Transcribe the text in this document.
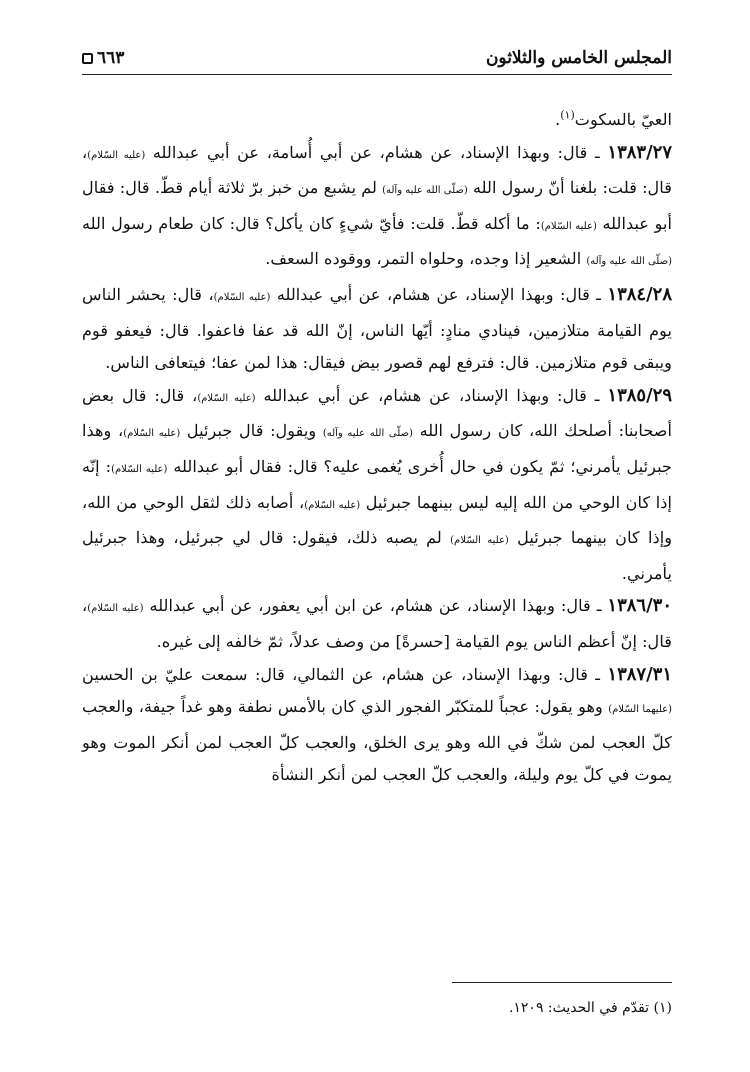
المجلس الخامس والثلاثون
٦٦٣

العيّ بالسكوت$^{(١)}$.

١٣٨٣/٢٧ ـ قال: وبهذا الإسناد، عن هشام، عن أبي أُسامة، عن أبي عبدالله (عليه السّلام)، قال: قلت: بلغنا أنّ رسول الله (صلّى الله عليه وآله) لم يشبع من خبز برّ ثلاثة أيام قطّ. قال: فقال أبو عبدالله (عليه السّلام): ما أكله قطّ. قلت: فأيّ شيءٍ كان يأكل؟ قال: كان طعام رسول الله (صلّى الله عليه وآله) الشعير إذا وجده، وحلواه التمر، ووقوده السعف.

١٣٨٤/٢٨ ـ قال: وبهذا الإسناد، عن هشام، عن أبي عبدالله (عليه السّلام)، قال: يحشر الناس يوم القيامة متلازمين، فينادي منادٍ: أيّها الناس، إنّ الله قد عفا فاعفوا. قال: فيعفو قوم ويبقى قوم متلازمين. قال: فترفع لهم قصور بيض فيقال: هذا لمن عفا؛ فيتعافى الناس.

١٣٨٥/٢٩ ـ قال: وبهذا الإسناد، عن هشام، عن أبي عبدالله (عليه السّلام)، قال: قال بعض أصحابنا: أصلحك الله، كان رسول الله (صلّى الله عليه وآله) ويقول: قال جبرئيل (عليه السّلام)، وهذا جبرئيل يأمرني؛ ثمّ يكون في حال أُخرى يُغمى عليه؟ قال: فقال أبو عبدالله (عليه السّلام): إنّه إذا كان الوحي من الله إليه ليس بينهما جبرئيل (عليه السّلام)، أصابه ذلك لثقل الوحي من الله، وإذا كان بينهما جبرئيل (عليه السّلام) لم يصبه ذلك، فيقول: قال لي جبرئيل، وهذا جبرئيل يأمرني.

١٣٨٦/٣٠ ـ قال: وبهذا الإسناد، عن هشام، عن ابن أبي يعفور، عن أبي عبدالله (عليه السّلام)، قال: إنّ أعظم الناس يوم القيامة [حسرةً] من وصف عدلاً، ثمّ خالفه إلى غيره.

١٣٨٧/٣١ ـ قال: وبهذا الإسناد، عن هشام، عن الثمالي، قال: سمعت عليّ بن الحسين (عليهما السّلام) وهو يقول: عجباً للمتكبّر الفجور الذي كان بالأمس نطفة وهو غداً جيفة، والعجب كلّ العجب لمن شكّ في الله وهو يرى الخلق، والعجب كلّ العجب لمن أنكر الموت وهو يموت في كلّ يوم وليلة، والعجب كلّ العجب لمن أنكر النشأة

(١) تقدّم في الحديث: ١٢٠٩.
